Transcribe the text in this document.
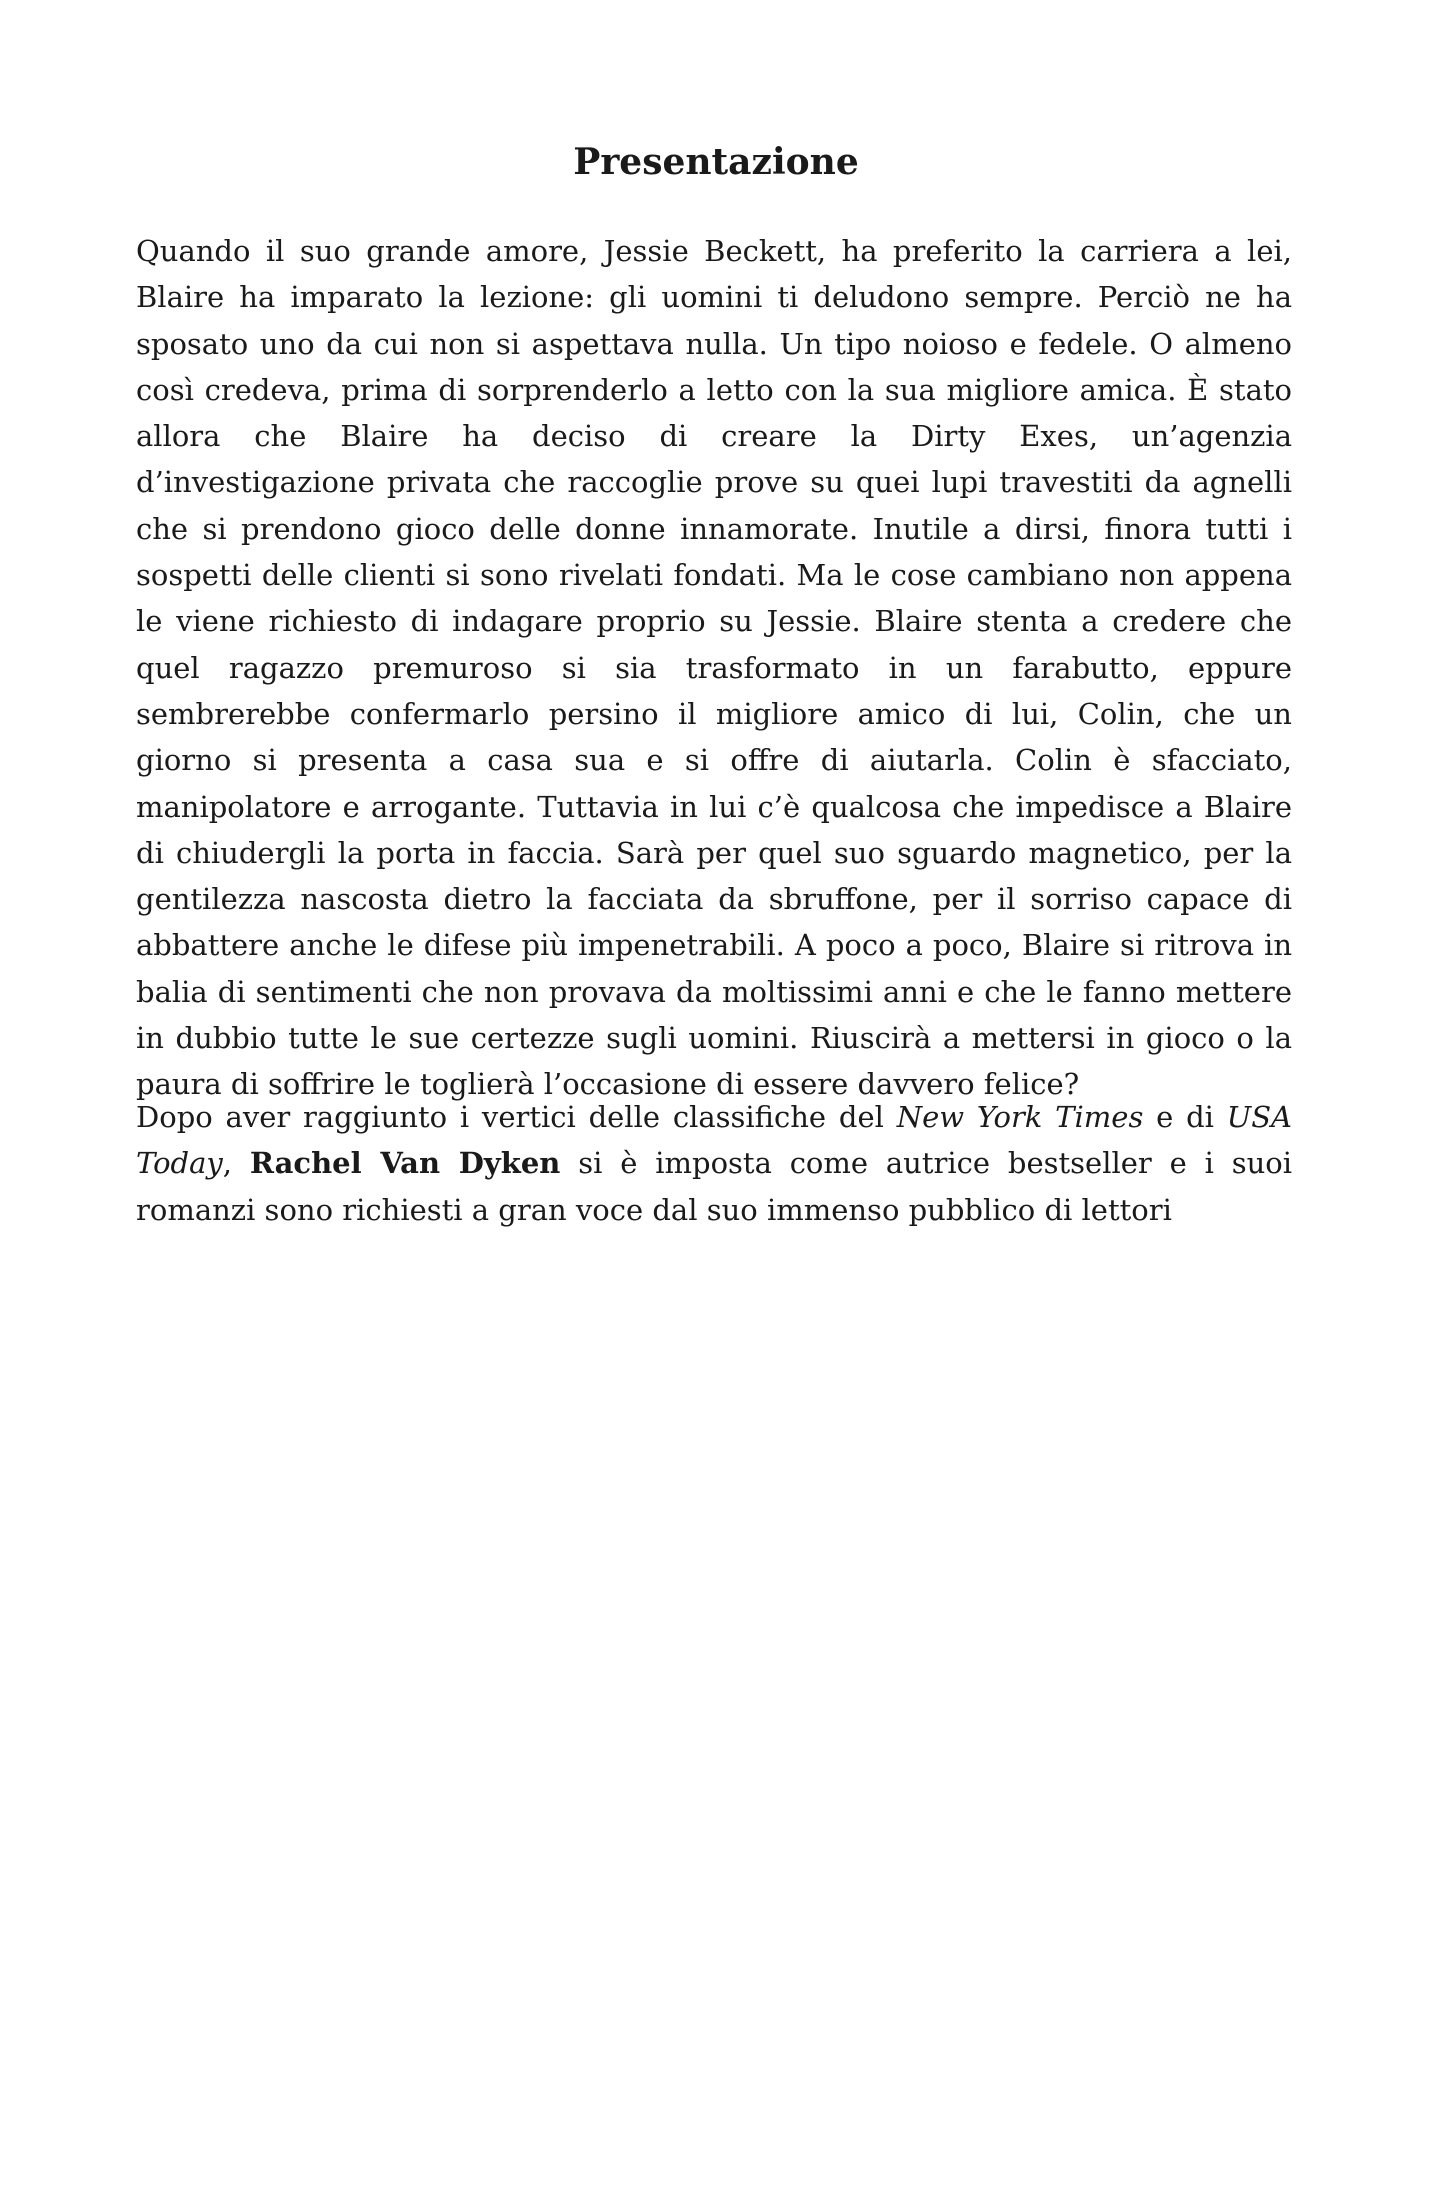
Presentazione

Quando il suo grande amore, Jessie Beckett, ha preferito la carriera a lei, Blaire ha imparato la lezione: gli uomini ti deludono sempre. Perciò ne ha sposato uno da cui non si aspettava nulla. Un tipo noioso e fedele. O almeno così credeva, prima di sorprenderlo a letto con la sua migliore amica. È stato allora che Blaire ha deciso di creare la Dirty Exes, un’agenzia d’investigazione privata che raccoglie prove su quei lupi travestiti da agnelli che si prendono gioco delle donne innamorate. Inutile a dirsi, finora tutti i sospetti delle clienti si sono rivelati fondati. Ma le cose cambiano non appena le viene richiesto di indagare proprio su Jessie. Blaire stenta a credere che quel ragazzo premuroso si sia trasformato in un farabutto, eppure sembrerebbe confermarlo persino il migliore amico di lui, Colin, che un giorno si presenta a casa sua e si offre di aiutarla. Colin è sfacciato, manipolatore e arrogante. Tuttavia in lui c’è qualcosa che impedisce a Blaire di chiudergli la porta in faccia. Sarà per quel suo sguardo magnetico, per la gentilezza nascosta dietro la facciata da sbruffone, per il sorriso capace di abbattere anche le difese più impenetrabili. A poco a poco, Blaire si ritrova in balia di sentimenti che non provava da moltissimi anni e che le fanno mettere in dubbio tutte le sue certezze sugli uomini. Riuscirà a mettersi in gioco o la paura di soffrire le toglierà l’occasione di essere davvero felice?

Dopo aver raggiunto i vertici delle classifiche del New York Times e di USA Today, Rachel Van Dyken si è imposta come autrice bestseller e i suoi romanzi sono richiesti a gran voce dal suo immenso pubblico di lettori
